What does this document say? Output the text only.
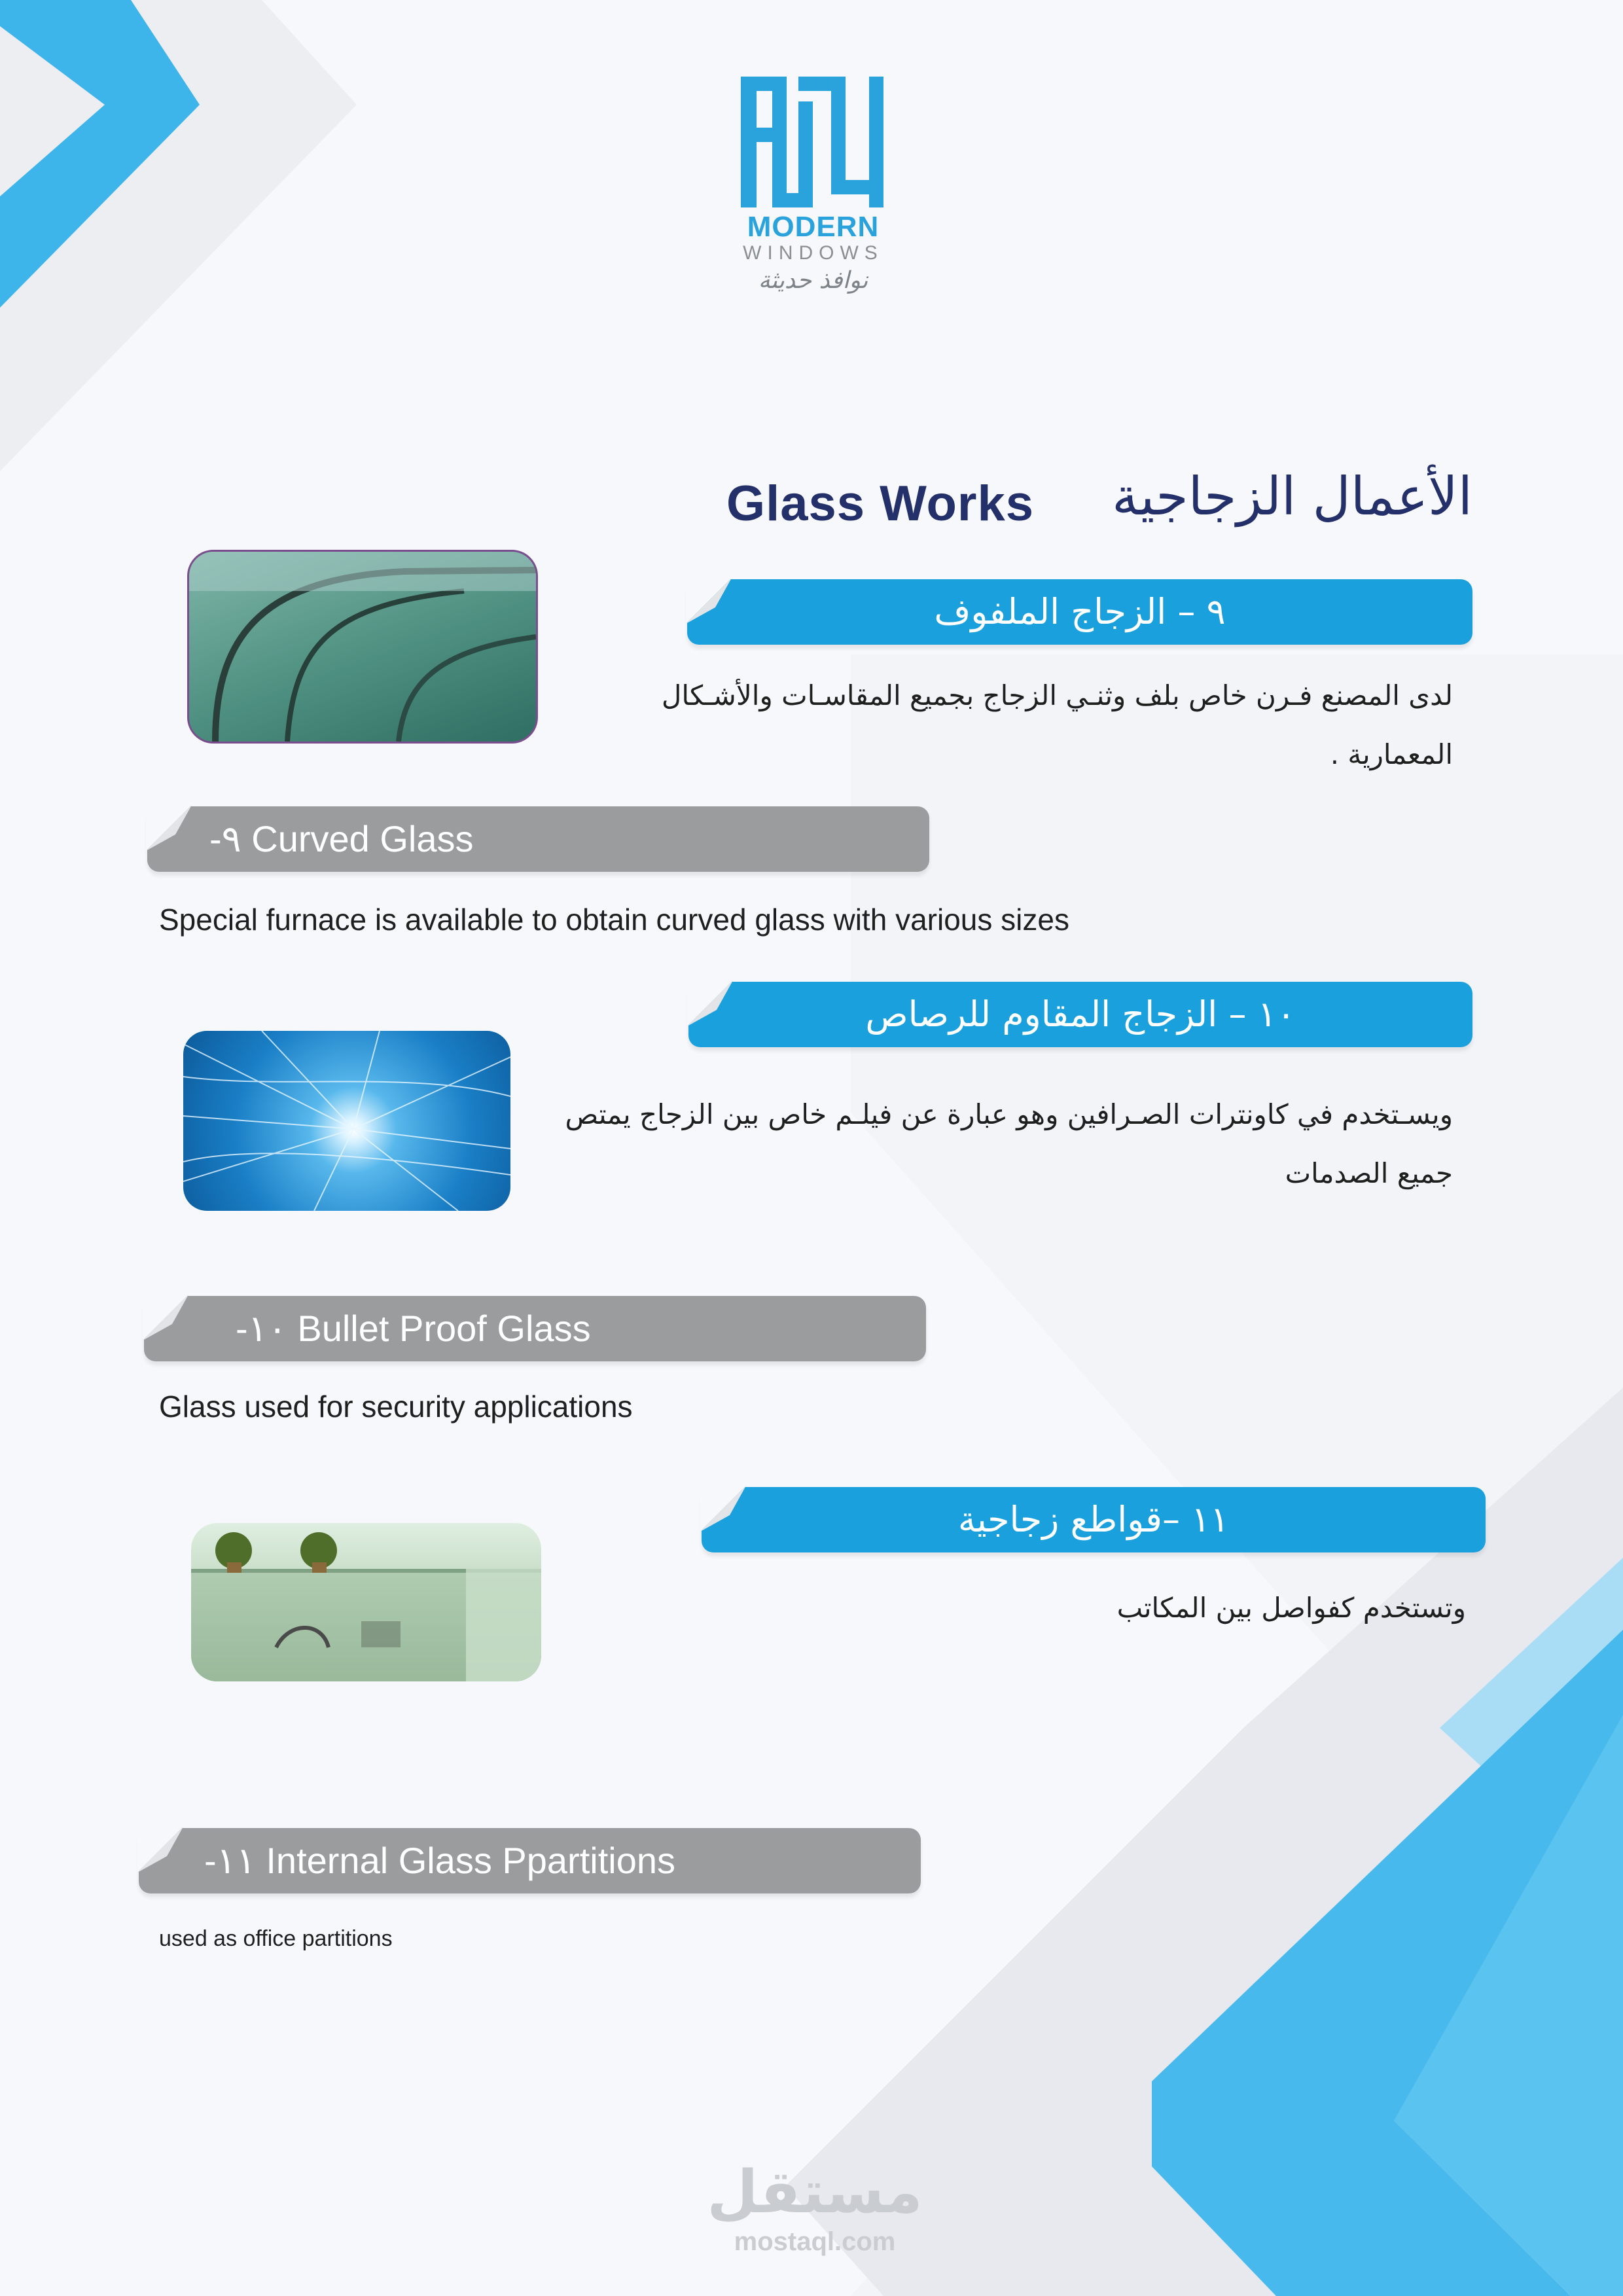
MODERN
WINDOWS
نوافذ حديثة
Glass Works	الأعمال الزجاجية
٩ – الزجاج الملفوف
لدى المصنع فـرن خاص بلف وثنـي الزجاج بجميع المقاسـات والأشـكال المعمارية .
-٩ Curved Glass
Special furnace is available to obtain curved glass with various sizes
١٠ – الزجاج المقاوم للرصاص
ويسـتخدم في كاونترات الصـرافين وهو عبارة عن فيلـم خاص بين الزجاج يمتص جميع الصدمات
-١٠ Bullet Proof Glass
Glass used for security applications
١١ –قواطع زجاجية
وتستخدم كفواصل بين المكاتب
-١١ Internal Glass Ppartitions
used as office partitions
مستقل
mostaql.com
